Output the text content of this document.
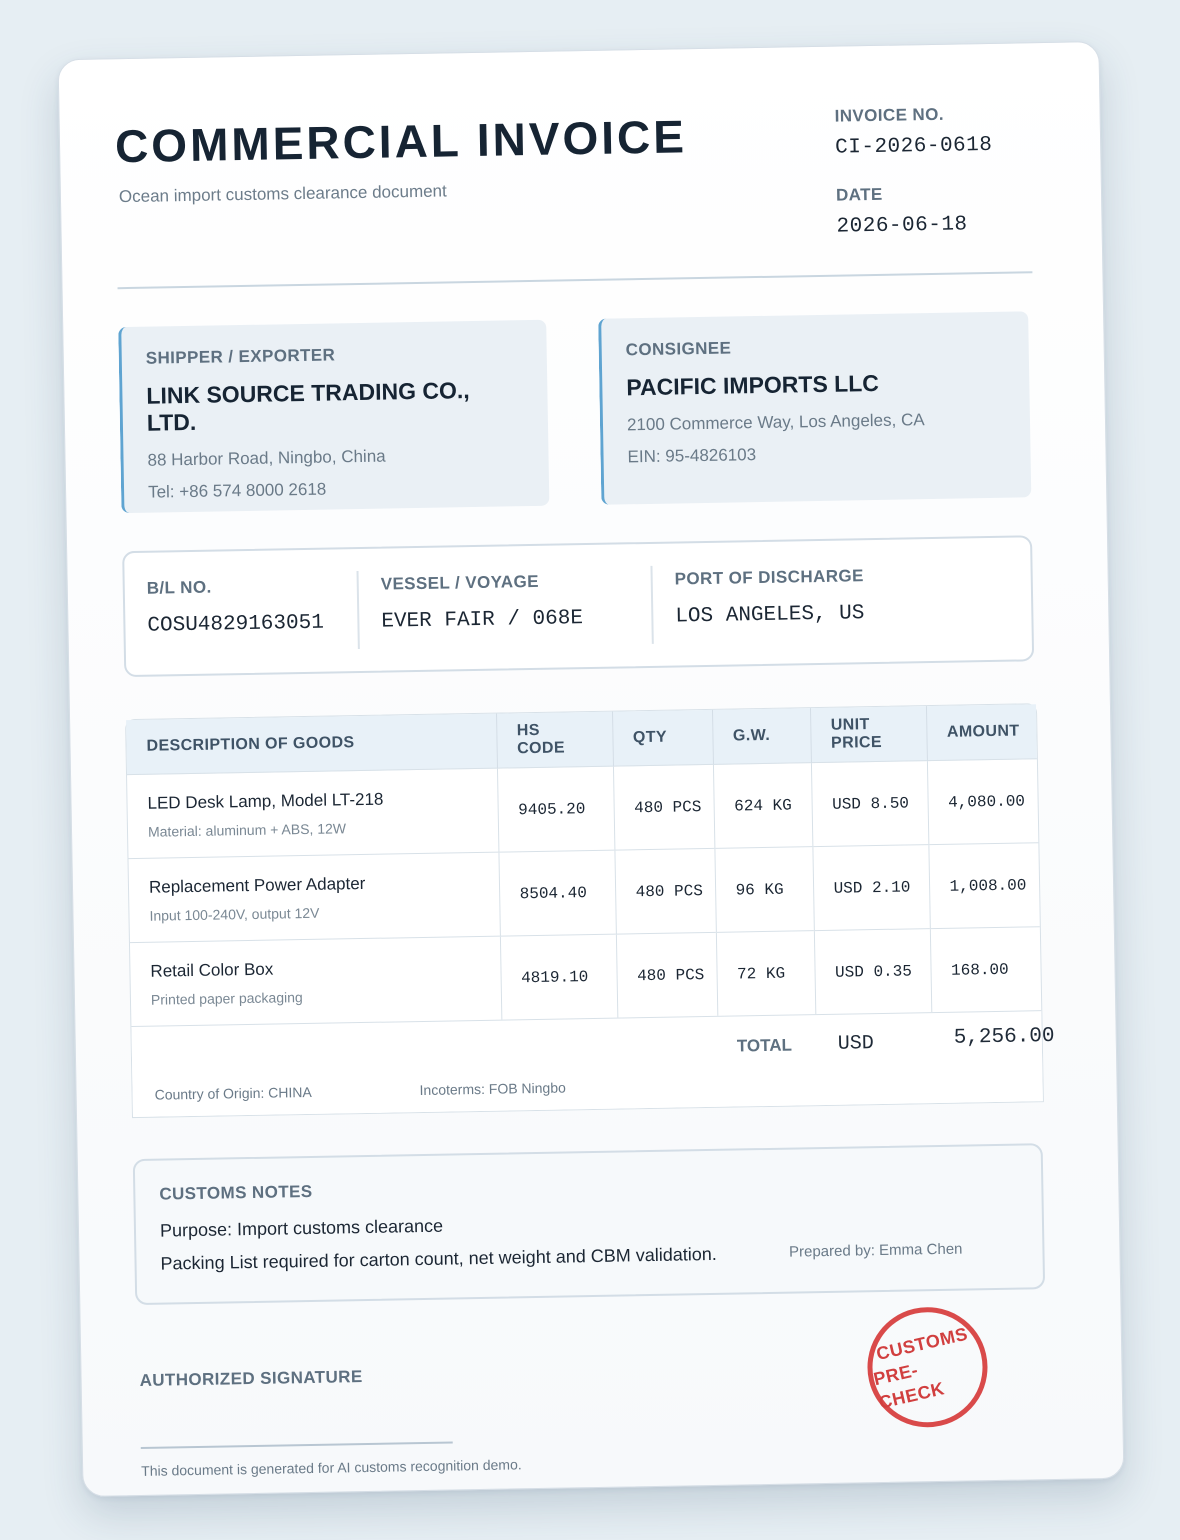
COMMERCIAL INVOICE
Ocean import customs clearance document
INVOICE NO.
CI-2026-0618
DATE
2026-06-18
SHIPPER / EXPORTER
LINK SOURCE TRADING CO., LTD.
88 Harbor Road, Ningbo, China
Tel: +86 574 8000 2618
CONSIGNEE
PACIFIC IMPORTS LLC
2100 Commerce Way, Los Angeles, CA
EIN: 95-4826103
B/L NO.
COSU4829163051
VESSEL / VOYAGE
EVER FAIR / 068E
PORT OF DISCHARGE
LOS ANGELES, US
DESCRIPTION OF GOODS	HS CODE	QTY	G.W.	UNIT PRICE	AMOUNT

LED Desk Lamp, Model LT-218
Material: aluminum + ABS, 12W	9405.20	480 PCS	624 KG	USD 8.50	4,080.00

Replacement Power Adapter
Input 100-240V, output 12V	8504.40	480 PCS	96 KG	USD 2.10	1,008.00

Retail Color Box
Printed paper packaging	4819.10	480 PCS	72 KG	USD 0.35	168.00
TOTAL USD	5,256.00
Country of Origin: CHINA	Incoterms: FOB Ningbo
CUSTOMS NOTES
Purpose: Import customs clearance
Packing List required for carton count, net weight and CBM validation.	Prepared by: Emma Chen
AUTHORIZED SIGNATURE
This document is generated for AI customs recognition demo.
CUSTOMS
PRE-CHECK
